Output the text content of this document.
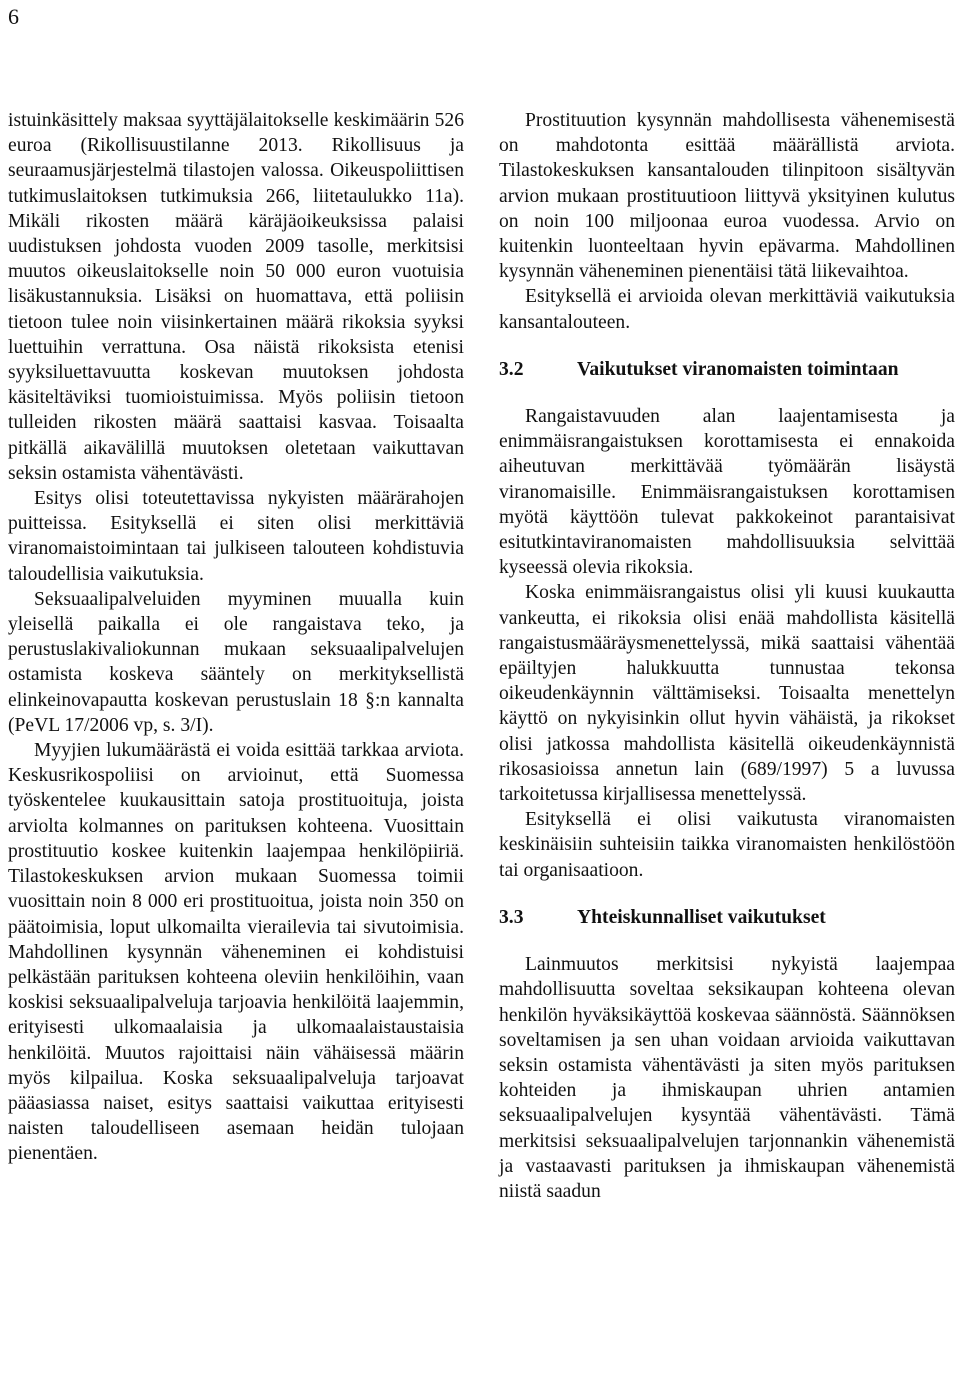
6

istuinkäsittely maksaa syyttäjälaitokselle keskimäärin 526 euroa (Rikollisuustilanne 2013. Rikollisuus ja seuraamusjärjestelmä tilastojen valossa. Oikeuspoliittisen tutkimuslaitoksen tutkimuksia 266, liitetaulukko 11a). Mikäli rikosten määrä käräjäoikeuksissa palaisi uudistuksen johdosta vuoden 2009 tasolle, merkitsisi muutos oikeuslaitokselle noin 50 000 euron vuotuisia lisäkustannuksia. Lisäksi on huomattava, että poliisin tietoon tulee noin viisinkertainen määrä rikoksia syyksi luettuihin verrattuna. Osa näistä rikoksista etenisi syyksiluettavuutta koskevan muutoksen johdosta käsiteltäviksi tuomioistuimissa. Myös poliisin tietoon tulleiden rikosten määrä saattaisi kasvaa. Toisaalta pitkällä aikavälillä muutoksen oletetaan vaikuttavan seksin ostamista vähentävästi.

Esitys olisi toteutettavissa nykyisten määrärahojen puitteissa. Esityksellä ei siten olisi merkittäviä viranomaistoimintaan tai julkiseen talouteen kohdistuvia taloudellisia vaikutuksia.

Seksuaalipalveluiden myyminen muualla kuin yleisellä paikalla ei ole rangaistava teko, ja perustuslakivaliokunnan mukaan seksuaalipalvelujen ostamista koskeva sääntely on merkityksellistä elinkeinovapautta koskevan perustuslain 18 §:n kannalta (PeVL 17/2006 vp, s. 3/I).

Myyjien lukumäärästä ei voida esittää tarkkaa arviota. Keskusrikospoliisi on arvioinut, että Suomessa työskentelee kuukausittain satoja prostituoituja, joista arviolta kolmannes on parituksen kohteena. Vuosittain prostituutio koskee kuitenkin laajempaa henkilöpiiriä. Tilastokeskuksen arvion mukaan Suomessa toimii vuosittain noin 8 000 eri prostituoitua, joista noin 350 on päätoimisia, loput ulkomailta vierailevia tai sivutoimisia. Mahdollinen kysynnän väheneminen ei kohdistuisi pelkästään parituksen kohteena oleviin henkilöihin, vaan koskisi seksuaalipalveluja tarjoavia henkilöitä laajemmin, erityisesti ulkomaalaisia ja ulkomaalaistaustaisia henkilöitä. Muutos rajoittaisi näin vähäisessä määrin myös kilpailua. Koska seksuaalipalveluja tarjoavat pääasiassa naiset, esitys saattaisi vaikuttaa erityisesti naisten taloudelliseen asemaan heidän tulojaan pienentäen.

Prostituution kysynnän mahdollisesta vähenemisestä on mahdotonta esittää määrällistä arviota. Tilastokeskuksen kansantalouden tilinpitoon sisältyvän arvion mukaan prostituutioon liittyvä yksityinen kulutus on noin 100 miljoonaa euroa vuodessa. Arvio on kuitenkin luonteeltaan hyvin epävarma. Mahdollinen kysynnän väheneminen pienentäisi tätä liikevaihtoa.

Esityksellä ei arvioida olevan merkittäviä vaikutuksia kansantalouteen.

3.2	Vaikutukset viranomaisten toimintaan

Rangaistavuuden alan laajentamisesta ja enimmäisrangaistuksen korottamisesta ei ennakoida aiheutuvan merkittävää työmäärän lisäystä viranomaisille. Enimmäisrangaistuksen korottamisen myötä käyttöön tulevat pakkokeinot parantaisivat esitutkintaviranomaisten mahdollisuuksia selvittää kyseessä olevia rikoksia.

Koska enimmäisrangaistus olisi yli kuusi kuukautta vankeutta, ei rikoksia olisi enää mahdollista käsitellä rangaistusmääräysmenettelyssä, mikä saattaisi vähentää epäiltyjen halukkuutta tunnustaa tekonsa oikeudenkäynnin välttämiseksi. Toisaalta menettelyn käyttö on nykyisinkin ollut hyvin vähäistä, ja rikokset olisi jatkossa mahdollista käsitellä oikeudenkäynnistä rikosasioissa annetun lain (689/1997) 5 a luvussa tarkoitetussa kirjallisessa menettelyssä.

Esityksellä ei olisi vaikutusta viranomaisten keskinäisiin suhteisiin taikka viranomaisten henkilöstöön tai organisaatioon.

3.3	Yhteiskunnalliset vaikutukset

Lainmuutos merkitsisi nykyistä laajempaa mahdollisuutta soveltaa seksikaupan kohteena olevan henkilön hyväksikäyttöä koskevaa säännöstä. Säännöksen soveltamisen ja sen uhan voidaan arvioida vaikuttavan seksin ostamista vähentävästi ja siten myös parituksen kohteiden ja ihmiskaupan uhrien antamien seksuaalipalvelujen kysyntää vähentävästi. Tämä merkitsisi seksuaalipalvelujen tarjonnankin vähenemistä ja vastaavasti parituksen ja ihmiskaupan vähenemistä niistä saadun
